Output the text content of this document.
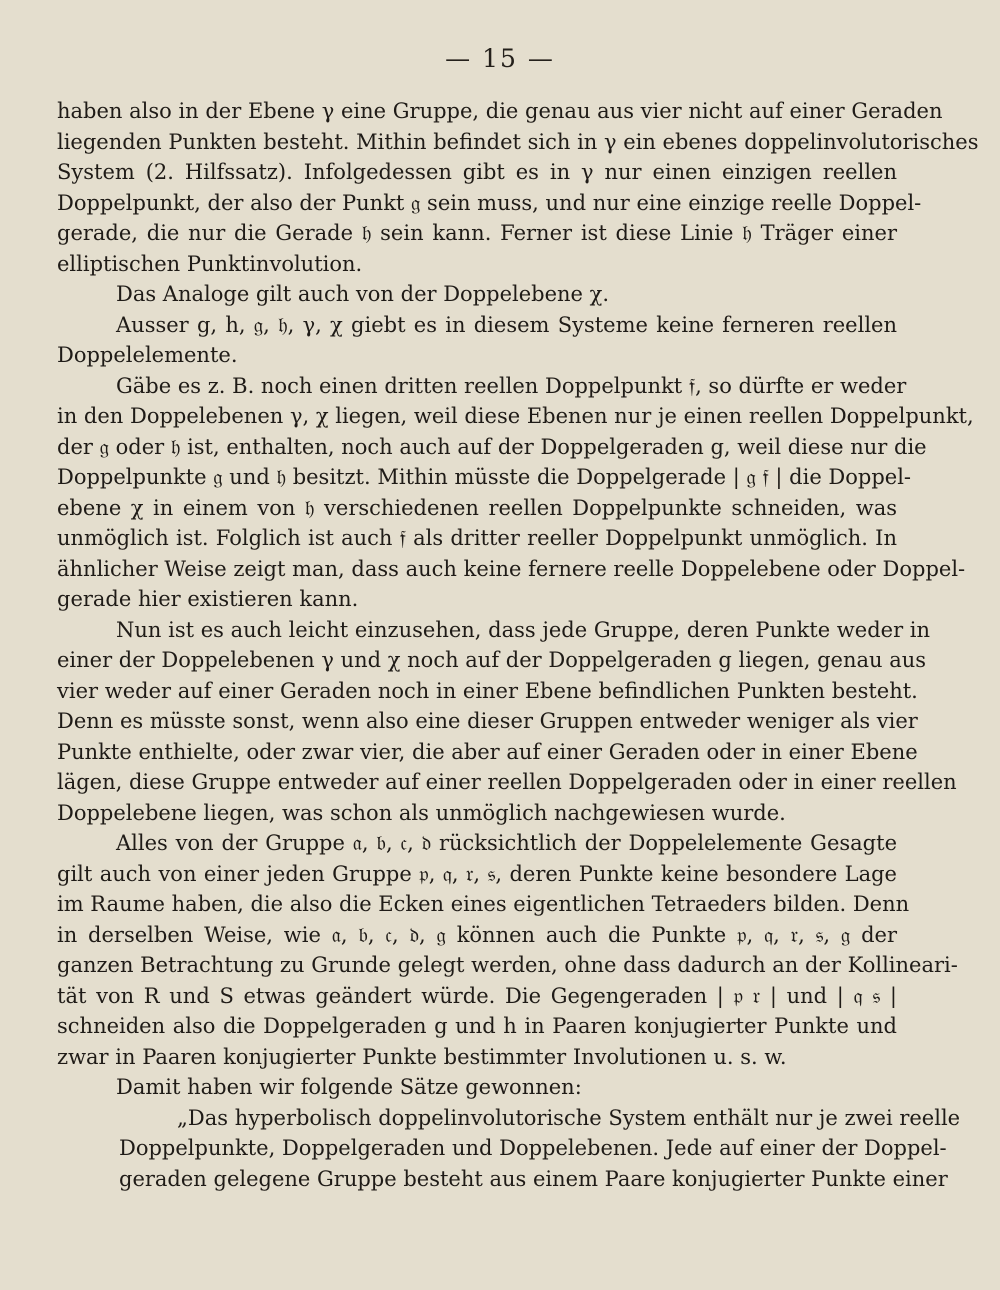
— 15 —
haben also in der Ebene γ eine Gruppe, die genau aus vier nicht auf einer Geraden
liegenden Punkten besteht. Mithin befindet sich in γ ein ebenes doppelinvolutorisches
System (2. Hilfssatz). Infolgedessen gibt es in γ nur einen einzigen reellen
Doppelpunkt, der also der Punkt 𝔤 sein muss, und nur eine einzige reelle Doppel-
gerade, die nur die Gerade 𝔥 sein kann. Ferner ist diese Linie 𝔥 Träger einer
elliptischen Punktinvolution.
Das Analoge gilt auch von der Doppelebene χ.
Ausser g, h, 𝔤, 𝔥, γ, χ giebt es in diesem Systeme keine ferneren reellen
Doppelelemente.
Gäbe es z. B. noch einen dritten reellen Doppelpunkt 𝔣, so dürfte er weder
in den Doppelebenen γ, χ liegen, weil diese Ebenen nur je einen reellen Doppelpunkt,
der 𝔤 oder 𝔥 ist, enthalten, noch auch auf der Doppelgeraden g, weil diese nur die
Doppelpunkte 𝔤 und 𝔥 besitzt. Mithin müsste die Doppelgerade | 𝔤 𝔣 | die Doppel-
ebene χ in einem von 𝔥 verschiedenen reellen Doppelpunkte schneiden, was
unmöglich ist. Folglich ist auch 𝔣 als dritter reeller Doppelpunkt unmöglich. In
ähnlicher Weise zeigt man, dass auch keine fernere reelle Doppelebene oder Doppel-
gerade hier existieren kann.
Nun ist es auch leicht einzusehen, dass jede Gruppe, deren Punkte weder in
einer der Doppelebenen γ und χ noch auf der Doppelgeraden g liegen, genau aus
vier weder auf einer Geraden noch in einer Ebene befindlichen Punkten besteht.
Denn es müsste sonst, wenn also eine dieser Gruppen entweder weniger als vier
Punkte enthielte, oder zwar vier, die aber auf einer Geraden oder in einer Ebene
lägen, diese Gruppe entweder auf einer reellen Doppelgeraden oder in einer reellen
Doppelebene liegen, was schon als unmöglich nachgewiesen wurde.
Alles von der Gruppe 𝔞, 𝔟, 𝔠, 𝔡 rücksichtlich der Doppelelemente Gesagte
gilt auch von einer jeden Gruppe 𝔭, 𝔮, 𝔯, 𝔰, deren Punkte keine besondere Lage
im Raume haben, die also die Ecken eines eigentlichen Tetraeders bilden. Denn
in derselben Weise, wie 𝔞, 𝔟, 𝔠, 𝔡, 𝔤 können auch die Punkte 𝔭, 𝔮, 𝔯, 𝔰, 𝔤 der
ganzen Betrachtung zu Grunde gelegt werden, ohne dass dadurch an der Kollineari-
tät von R und S etwas geändert würde. Die Gegengeraden | 𝔭 𝔯 | und | 𝔮 𝔰 |
schneiden also die Doppelgeraden g und h in Paaren konjugierter Punkte und
zwar in Paaren konjugierter Punkte bestimmter Involutionen u. s. w.
Damit haben wir folgende Sätze gewonnen:
„Das hyperbolisch doppelinvolutorische System enthält nur je zwei reelle
Doppelpunkte, Doppelgeraden und Doppelebenen. Jede auf einer der Doppel-
geraden gelegene Gruppe besteht aus einem Paare konjugierter Punkte einer
